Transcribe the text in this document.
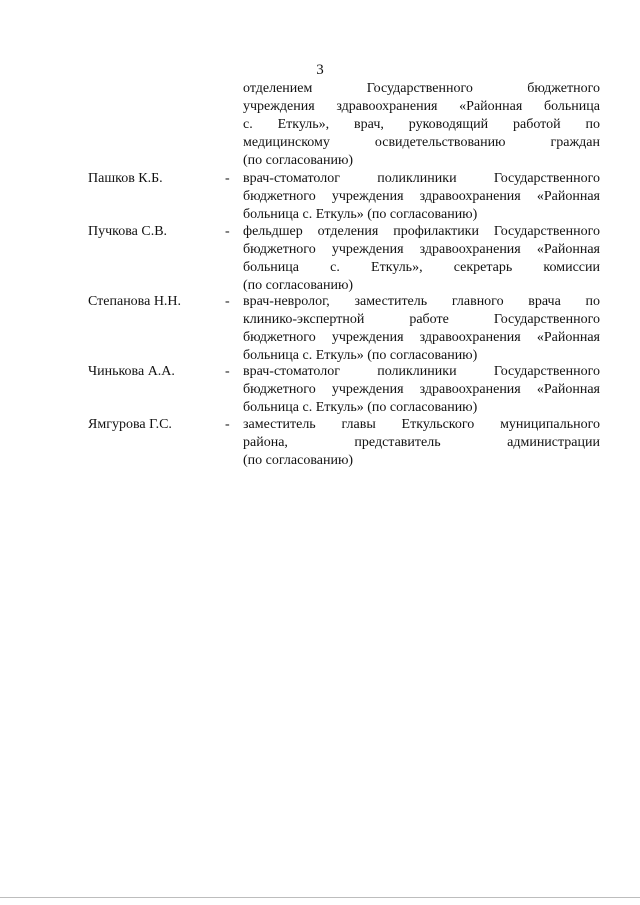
3
отделением Государственного бюджетного
учреждения здравоохранения «Районная больница
с. Еткуль», врач, руководящий работой по
медицинскому освидетельствованию граждан
(по согласованию)
Пашков К.Б.	- врач-стоматолог поликлиники Государственного
бюджетного учреждения здравоохранения «Районная
больница с. Еткуль» (по согласованию)
Пучкова С.В.	- фельдшер отделения профилактики Государственного
бюджетного учреждения здравоохранения «Районная
больница с. Еткуль», секретарь комиссии
(по согласованию)
Степанова Н.Н.	- врач-невролог, заместитель главного врача по
клинико-экспертной работе Государственного
бюджетного учреждения здравоохранения «Районная
больница с. Еткуль» (по согласованию)
Чинькова А.А.	- врач-стоматолог поликлиники Государственного
бюджетного учреждения здравоохранения «Районная
больница с. Еткуль» (по согласованию)
Ямгурова Г.С.	- заместитель главы Еткульского муниципального
района, представитель администрации
(по согласованию)
